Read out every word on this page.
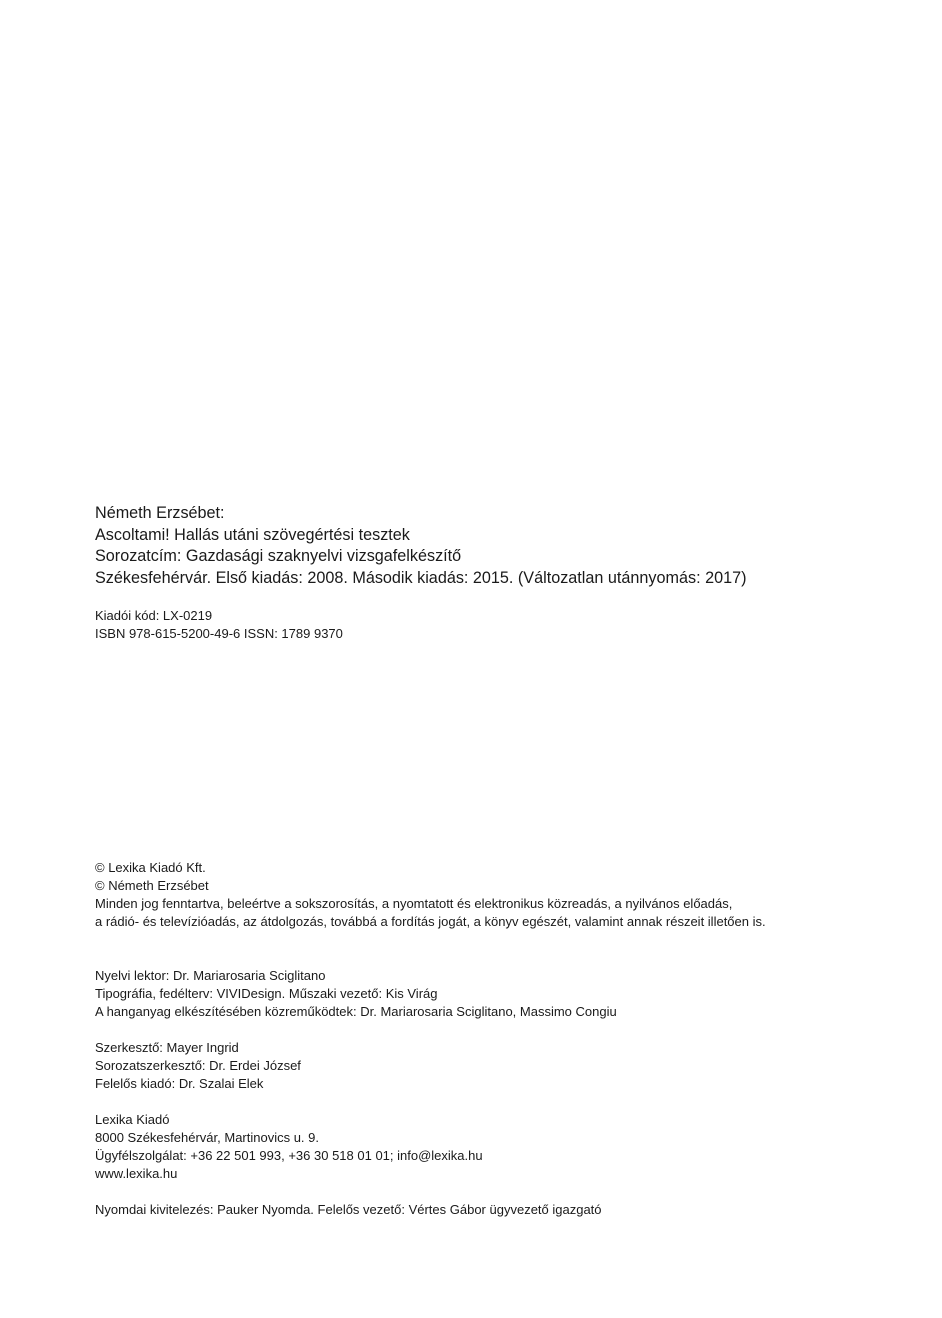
Németh Erzsébet:
Ascoltami! Hallás utáni szövegértési tesztek
Sorozatcím: Gazdasági szaknyelvi vizsgafelkészítő
Székesfehérvár. Első kiadás: 2008. Második kiadás: 2015. (Változatlan utánnyomás: 2017)
Kiadói kód: LX-0219
ISBN 978-615-5200-49-6 ISSN: 1789 9370
© Lexika Kiadó Kft.
© Németh Erzsébet
Minden jog fenntartva, beleértve a sokszorosítás, a nyomtatott és elektronikus közreadás, a nyilvános előadás,
a rádió- és televízióadás, az átdolgozás, továbbá a fordítás jogát, a könyv egészét, valamint annak részeit illetően is.
Nyelvi lektor: Dr. Mariarosaria Sciglitano
Tipográfia, fedélterv: VIVIDesign. Műszaki vezető: Kis Virág
A hanganyag elkészítésében közreműködtek: Dr. Mariarosaria Sciglitano, Massimo Congiu
Szerkesztő: Mayer Ingrid
Sorozatszerkesztő: Dr. Erdei József
Felelős kiadó: Dr. Szalai Elek
Lexika Kiadó
8000 Székesfehérvár, Martinovics u. 9.
Ügyfélszolgálat: +36 22 501 993, +36 30 518 01 01; info@lexika.hu
www.lexika.hu
Nyomdai kivitelezés: Pauker Nyomda. Felelős vezető: Vértes Gábor ügyvezető igazgató
